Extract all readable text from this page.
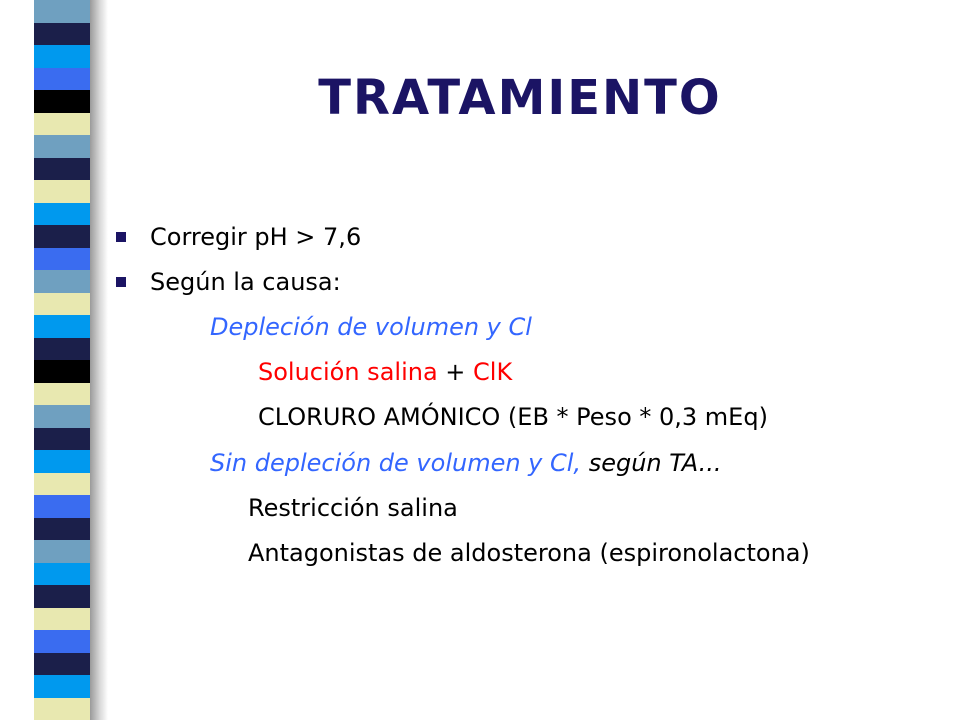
TRATAMIENTO

Corregir pH > 7,6

Según la causa:

Depleción de volumen y Cl

Solución salina + ClK

CLORURO AMÓNICO (EB * Peso * 0,3 mEq)

Sin depleción de volumen y Cl, según TA...

Restricción salina

Antagonistas de aldosterona (espironolactona)
